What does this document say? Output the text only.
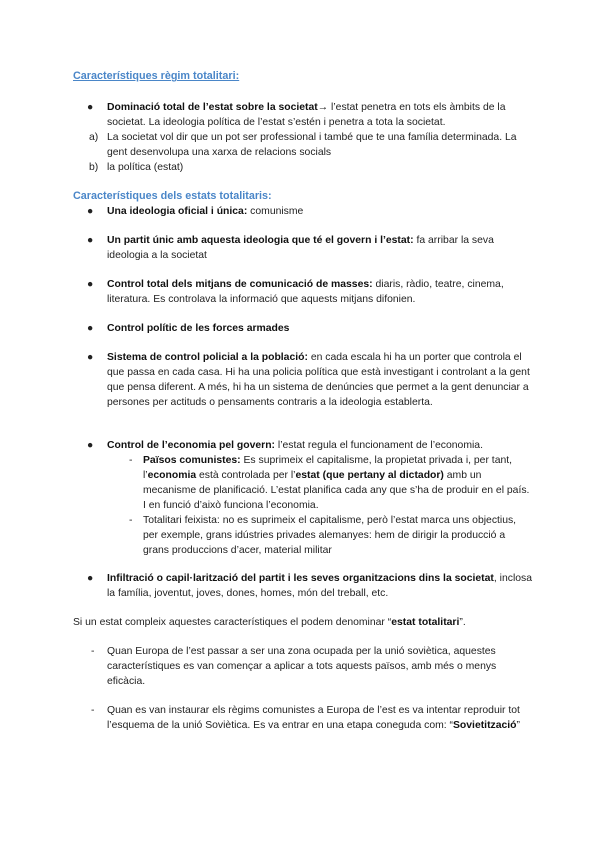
Característiques règim totalitari:
● Dominació total de l’estat sobre la societat→ l’estat penetra en tots els àmbits de la societat. La ideologia política de l’estat s’estén i penetra a tota la societat.
a) La societat vol dir que un pot ser professional i també que te una família determinada. La gent desenvolupa una xarxa de relacions socials
b) la política (estat)
Característiques dels estats totalitaris:
● Una ideologia oficial i única: comunisme
● Un partit únic amb aquesta ideologia que té el govern i l’estat: fa arribar la seva ideologia a la societat
● Control total dels mitjans de comunicació de masses: diaris, ràdio, teatre, cinema, literatura. Es controlava la informació que aquests mitjans difonien.
● Control polític de les forces armades
● Sistema de control policial a la població: en cada escala hi ha un porter que controla el que passa en cada casa. Hi ha una policia política que està investigant i controlant a la gent que pensa diferent. A més, hi ha un sistema de denúncies que permet a la gent denunciar a persones per actituds o pensaments contraris a la ideologia establerta.
● Control de l’economia pel govern: l’estat regula el funcionament de l’economia.
- Països comunistes: Es suprimeix el capitalisme, la propietat privada i, per tant, l’economia està controlada per l’estat (que pertany al dictador) amb un mecanisme de planificació. L’estat planifica cada any que s’ha de produir en el país. I en funció d’això funciona l’economia.
- Totalitari feixista: no es suprimeix el capitalisme, però l’estat marca uns objectius, per exemple, grans idústries privades alemanyes: hem de dirigir la producció a grans produccions d’acer, material militar
● Infiltració o capil·larització del partit i les seves organitzacions dins la societat, inclosa la família, joventut, joves, dones, homes, món del treball, etc.
Si un estat compleix aquestes característiques el podem denominar “estat totalitari”.
- Quan Europa de l’est passar a ser una zona ocupada per la unió soviètica, aquestes característiques es van començar a aplicar a tots aquests països, amb més o menys eficàcia.
- Quan es van instaurar els règims comunistes a Europa de l’est es va intentar reproduir tot l’esquema de la unió Soviètica. Es va entrar en una etapa coneguda com: “Sovietització”
